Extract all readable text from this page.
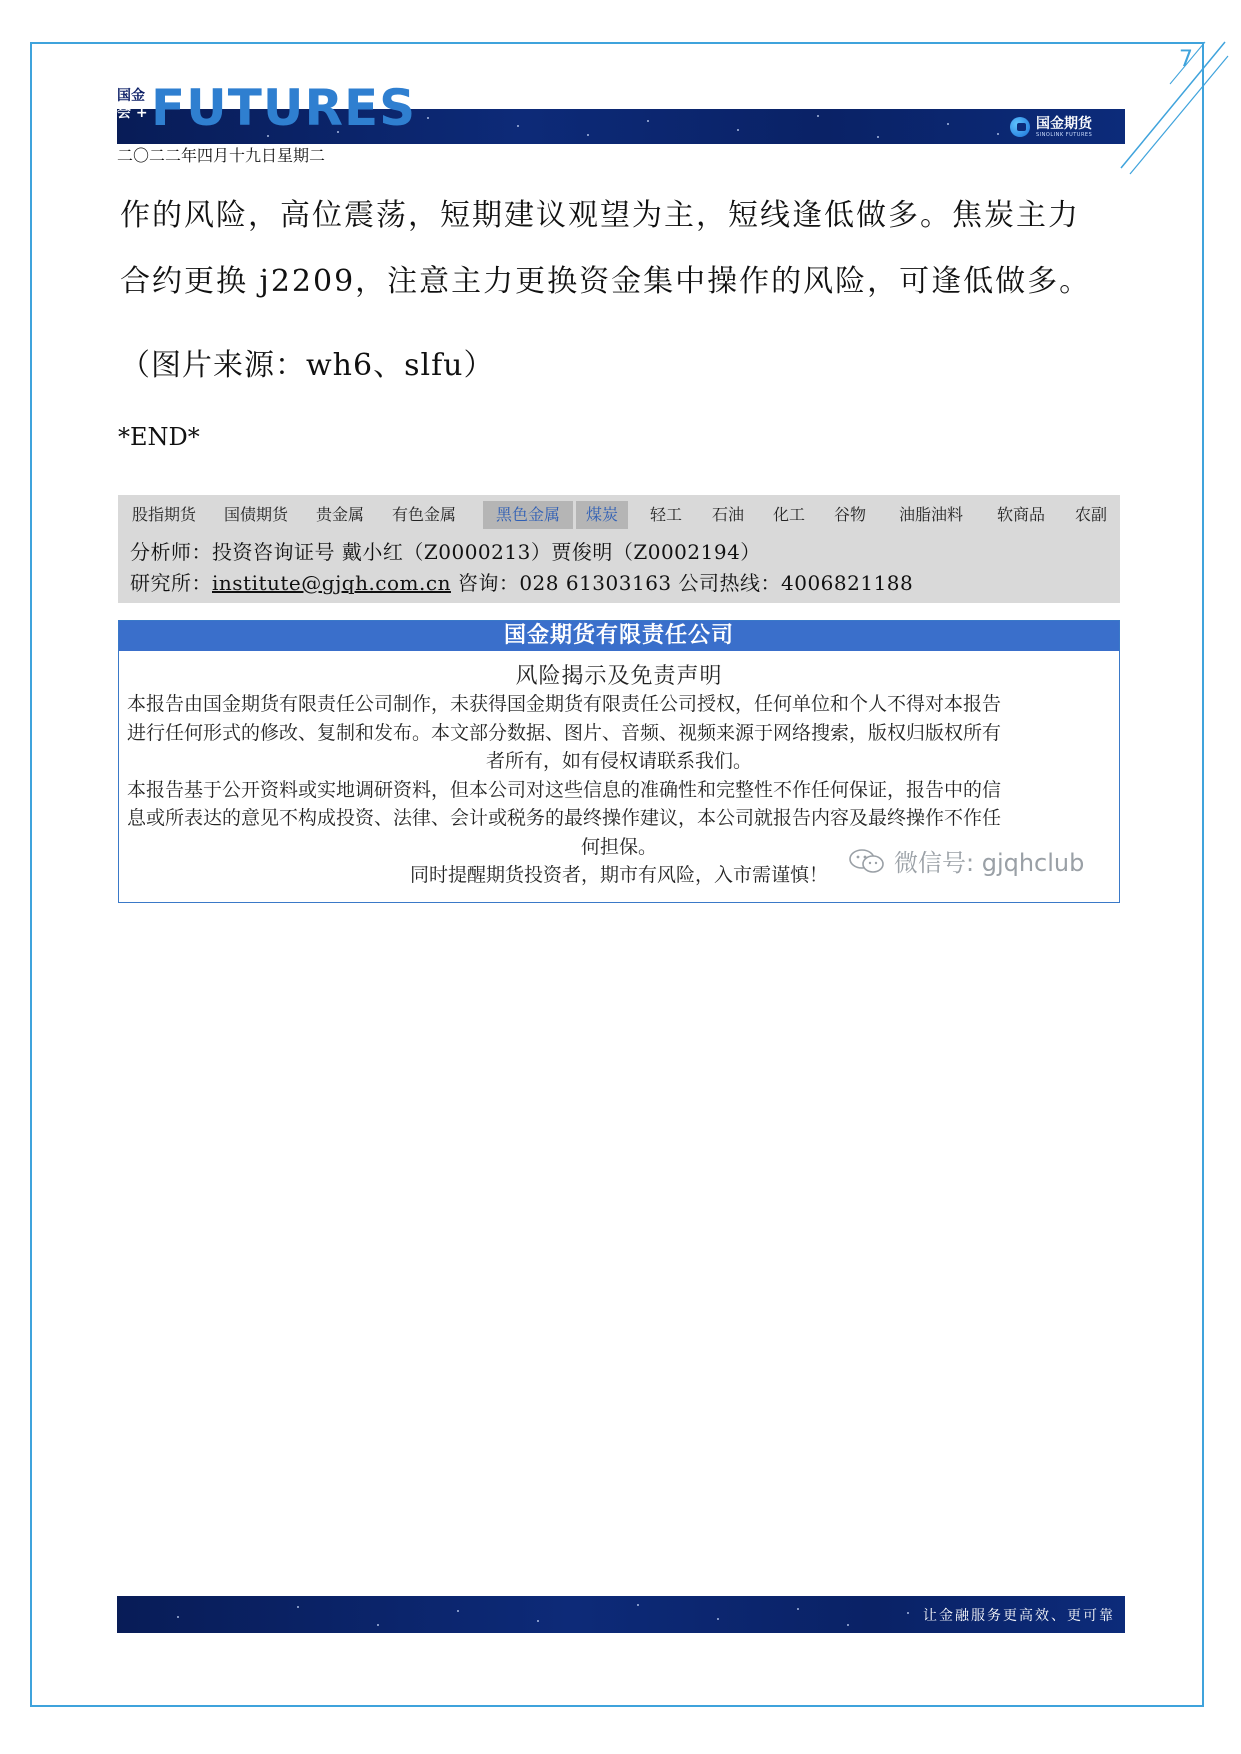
7
国金
会 + FUTURES	国金期货
SINOLINK FUTURES
二〇二二年四月十九日星期二
作的风险，高位震荡，短期建议观望为主，短线逢低做多。焦炭主力
合约更换 j2209，注意主力更换资金集中操作的风险，可逢低做多。
（图片来源：wh6、slfu）
*END*
股指期货	国债期货	贵金属	有色金属	黑色金属	煤炭	轻工	石油	化工	谷物	油脂油料	软商品	农副
分析师：投资咨询证号 戴小红（Z0000213）贾俊明（Z0002194）
研究所：institute@gjqh.com.cn 咨询：028 61303163 公司热线：4006821188
国金期货有限责任公司
风险揭示及免责声明
本报告由国金期货有限责任公司制作，未获得国金期货有限责任公司授权，任何单位和个人不得对本报告
进行任何形式的修改、复制和发布。本文部分数据、图片、音频、视频来源于网络搜索，版权归版权所有
者所有，如有侵权请联系我们。
本报告基于公开资料或实地调研资料，但本公司对这些信息的准确性和完整性不作任何保证，报告中的信
息或所表达的意见不构成投资、法律、会计或税务的最终操作建议，本公司就报告内容及最终操作不作任
何担保。
同时提醒期货投资者，期市有风险，入市需谨慎！	微信号: gjqhclub
让金融服务更高效、更可靠
